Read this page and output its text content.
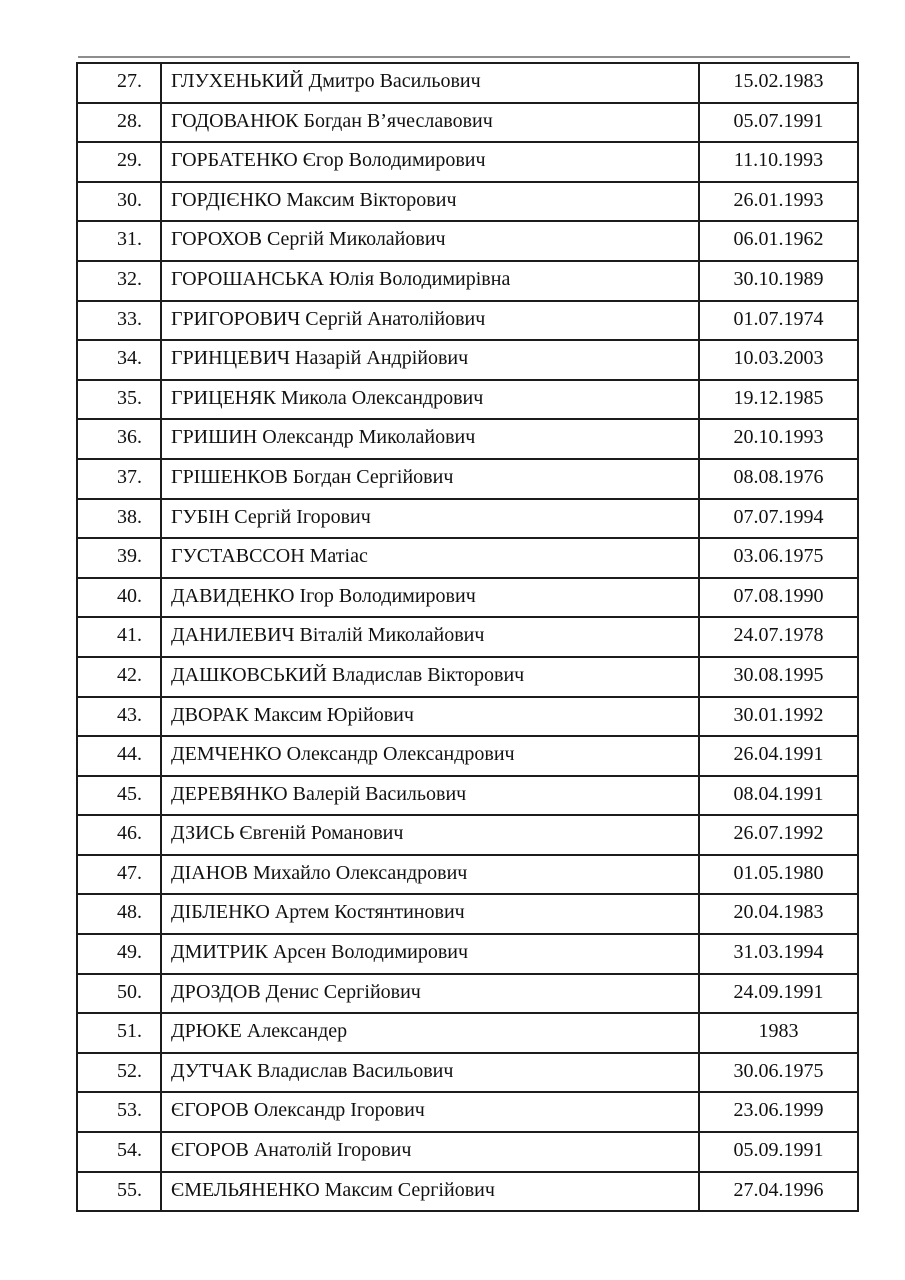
27.	ГЛУХЕНЬКИЙ Дмитро Васильович	15.02.1983
28.	ГОДОВАНЮК Богдан В’ячеславович	05.07.1991
29.	ГОРБАТЕНКО Єгор Володимирович	11.10.1993
30.	ГОРДІЄНКО Максим Вікторович	26.01.1993
31.	ГОРОХОВ Сергій Миколайович	06.01.1962
32.	ГОРОШАНСЬКА Юлія Володимирівна	30.10.1989
33.	ГРИГОРОВИЧ Сергій Анатолійович	01.07.1974
34.	ГРИНЦЕВИЧ Назарій Андрійович	10.03.2003
35.	ГРИЦЕНЯК Микола Олександрович	19.12.1985
36.	ГРИШИН Олександр Миколайович	20.10.1993
37.	ГРІШЕНКОВ Богдан Сергійович	08.08.1976
38.	ГУБІН Сергій Ігорович	07.07.1994
39.	ГУСТАВССОН Матіас	03.06.1975
40.	ДАВИДЕНКО Ігор Володимирович	07.08.1990
41.	ДАНИЛЕВИЧ Віталій Миколайович	24.07.1978
42.	ДАШКОВСЬКИЙ Владислав Вікторович	30.08.1995
43.	ДВОРАК Максим Юрійович	30.01.1992
44.	ДЕМЧЕНКО Олександр Олександрович	26.04.1991
45.	ДЕРЕВЯНКО Валерій Васильович	08.04.1991
46.	ДЗИСЬ Євгеній Романович	26.07.1992
47.	ДІАНОВ Михайло Олександрович	01.05.1980
48.	ДІБЛЕНКО Артем Костянтинович	20.04.1983
49.	ДМИТРИК Арсен Володимирович	31.03.1994
50.	ДРОЗДОВ Денис Сергійович	24.09.1991
51.	ДРЮКЕ Александер	1983
52.	ДУТЧАК Владислав Васильович	30.06.1975
53.	ЄГОРОВ Олександр Ігорович	23.06.1999
54.	ЄГОРОВ Анатолій Ігорович	05.09.1991
55.	ЄМЕЛЬЯНЕНКО Максим Сергійович	27.04.1996
